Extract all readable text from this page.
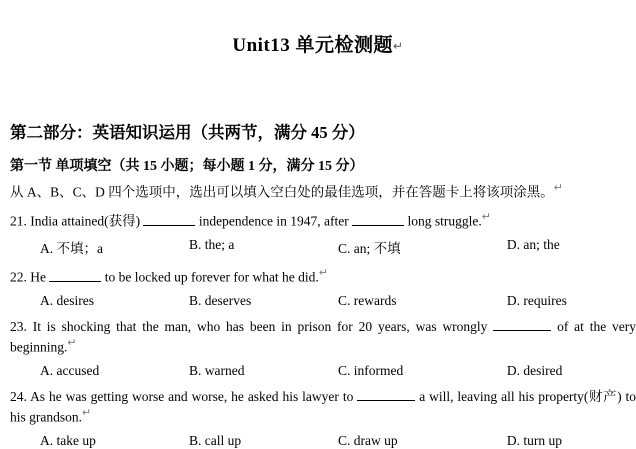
Unit13 单元检测题↵
第二部分：英语知识运用（共两节，满分 45 分）
第一节 单项填空（共 15 小题；每小题 1 分，满分 15 分）
从 A、B、C、D 四个选项中，选出可以填入空白处的最佳选项，并在答题卡上将该项涂黑。↵
21. India attained(获得)	independence in 1947, after	long struggle.↵
A. 不填；a	B. the; a	C. an; 不填	D. an; the
22. He	to be locked up forever for what he did.↵
A. desires	B. deserves	C. rewards	D. requires
23. It is shocking that the man, who has been in prison for 20 years, was wrongly	of at the very beginning.↵
A. accused	B. warned	C. informed	D. desired
24. As he was getting worse and worse, he asked his lawyer to	a will, leaving all his property(财产) to his grandson.↵
A. take up	B. call up	C. draw up	D. turn up
